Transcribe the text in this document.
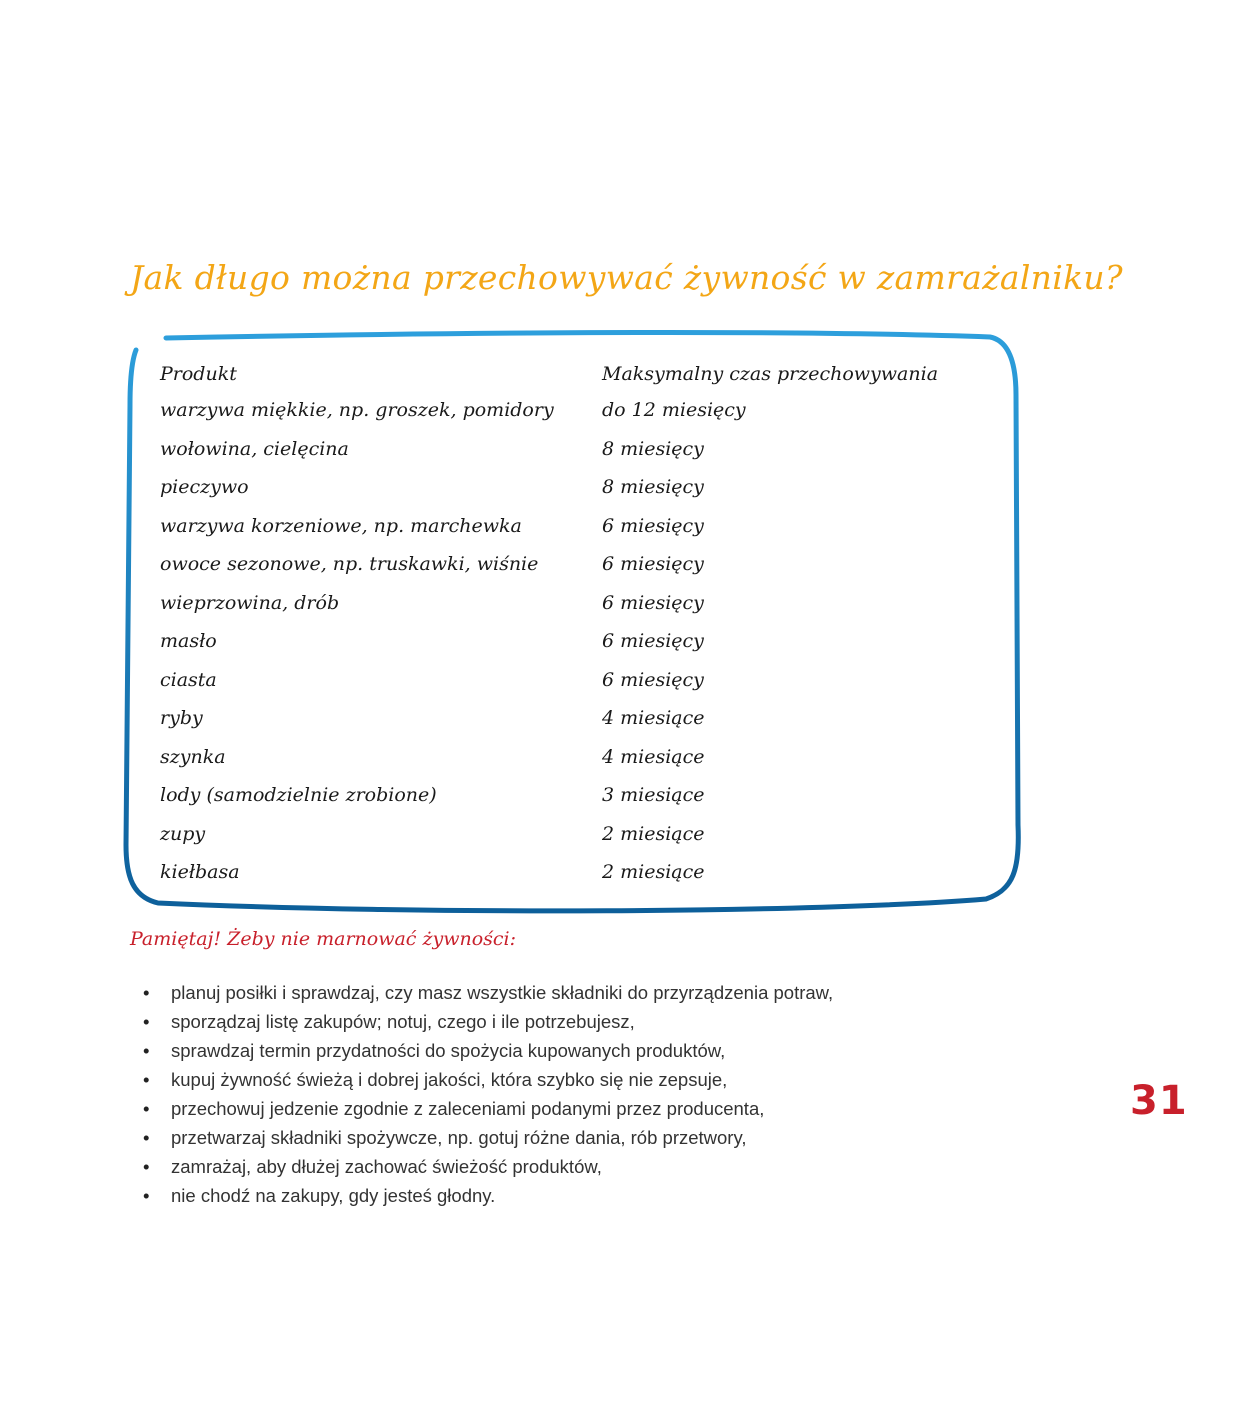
Jak długo można przechowywać żywność w zamrażalniku?
Produkt	Maksymalny czas przechowywania
warzywa miękkie, np. groszek, pomidory	do 12 miesięcy
wołowina, cielęcina	8 miesięcy
pieczywo	8 miesięcy
warzywa korzeniowe, np. marchewka	6 miesięcy
owoce sezonowe, np. truskawki, wiśnie	6 miesięcy
wieprzowina, drób	6 miesięcy
masło	6 miesięcy
ciasta	6 miesięcy
ryby	4 miesiące
szynka	4 miesiące
lody (samodzielnie zrobione)	3 miesiące
zupy	2 miesiące
kiełbasa	2 miesiące
Pamiętaj! Żeby nie marnować żywności:
• planuj posiłki i sprawdzaj, czy masz wszystkie składniki do przyrządzenia potraw,
• sporządzaj listę zakupów; notuj, czego i ile potrzebujesz,
• sprawdzaj termin przydatności do spożycia kupowanych produktów,
• kupuj żywność świeżą i dobrej jakości, która szybko się nie zepsuje,
• przechowuj jedzenie zgodnie z zaleceniami podanymi przez producenta,
• przetwarzaj składniki spożywcze, np. gotuj różne dania, rób przetwory,
• zamrażaj, aby dłużej zachować świeżość produktów,
• nie chodź na zakupy, gdy jesteś głodny.
31
